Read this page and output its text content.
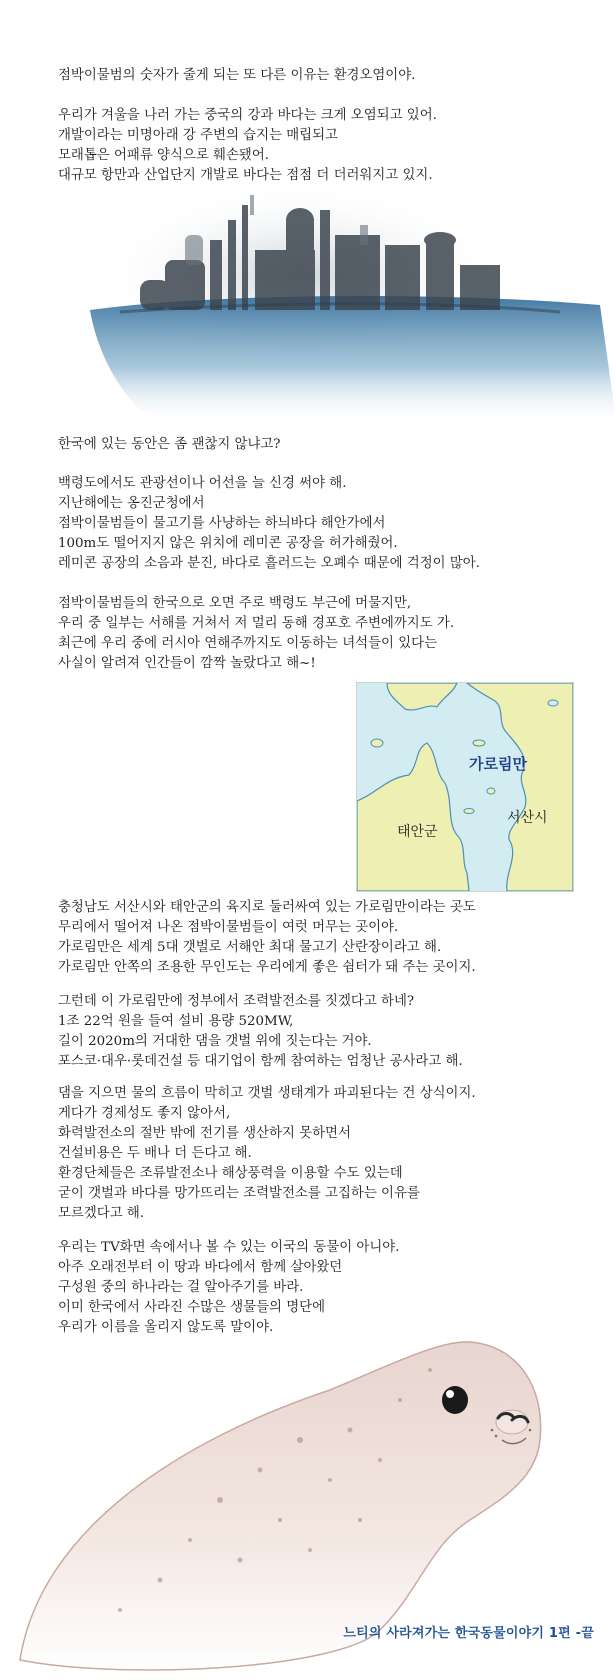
점박이물범의 숫자가 줄게 되는 또 다른 이유는 환경오염이야.

우리가 겨울을 나러 가는 중국의 강과 바다는 크게 오염되고 있어.
개발이라는 미명아래 강 주변의 습지는 매립되고
모래톱은 어패류 양식으로 훼손됐어.
대규모 항만과 산업단지 개발로 바다는 점점 더 더러워지고 있지.

한국에 있는 동안은 좀 괜찮지 않냐고?

백령도에서도 관광선이나 어선을 늘 신경 써야 해.
지난해에는 옹진군청에서
점박이물범들이 물고기를 사냥하는 하늬바다 해안가에서
100m도 떨어지지 않은 위치에 레미콘 공장을 허가해줬어.
레미콘 공장의 소음과 분진, 바다로 흘러드는 오폐수 때문에 걱정이 많아.

점박이물범들의 한국으로 오면 주로 백령도 부근에 머물지만,
우리 중 일부는 서해를 거쳐서 저 멀리 동해 경포호 주변에까지도 가.
최근에 우리 중에 러시아 연해주까지도 이동하는 녀석들이 있다는
사실이 알려져 인간들이 깜짝 놀랐다고 해~!

충청남도 서산시와 태안군의 육지로 둘러싸여 있는 가로림만이라는 곳도
무리에서 떨어져 나온 점박이물범들이 여럿 머무는 곳이야.
가로림만은 세계 5대 갯벌로 서해안 최대 물고기 산란장이라고 해.
가로림만 안쪽의 조용한 무인도는 우리에게 좋은 쉼터가 돼 주는 곳이지.

그런데 이 가로림만에 정부에서 조력발전소를 짓겠다고 하네?
1조 22억 원을 들여 설비 용량 520MW,
길이 2020m의 거대한 댐을 갯벌 위에 짓는다는 거야.
포스코·대우·롯데건설 등 대기업이 함께 참여하는 엄청난 공사라고 해.

댐을 지으면 물의 흐름이 막히고 갯벌 생태계가 파괴된다는 건 상식이지.
게다가 경제성도 좋지 않아서,
화력발전소의 절반 밖에 전기를 생산하지 못하면서
건설비용은 두 배나 더 든다고 해.
환경단체들은 조류발전소나 해상풍력을 이용할 수도 있는데
굳이 갯벌과 바다를 망가뜨리는 조력발전소를 고집하는 이유를
모르겠다고 해.

우리는 TV화면 속에서나 볼 수 있는 이국의 동물이 아니야.
아주 오래전부터 이 땅과 바다에서 함께 살아왔던
구성원 중의 하나라는 걸 알아주기를 바라.
이미 한국에서 사라진 수많은 생물들의 명단에
우리가 이름을 올리지 않도록 말이야.

가로림만
태안군
서산시
느티의 사라져가는 한국동물이야기 1편 -끝
